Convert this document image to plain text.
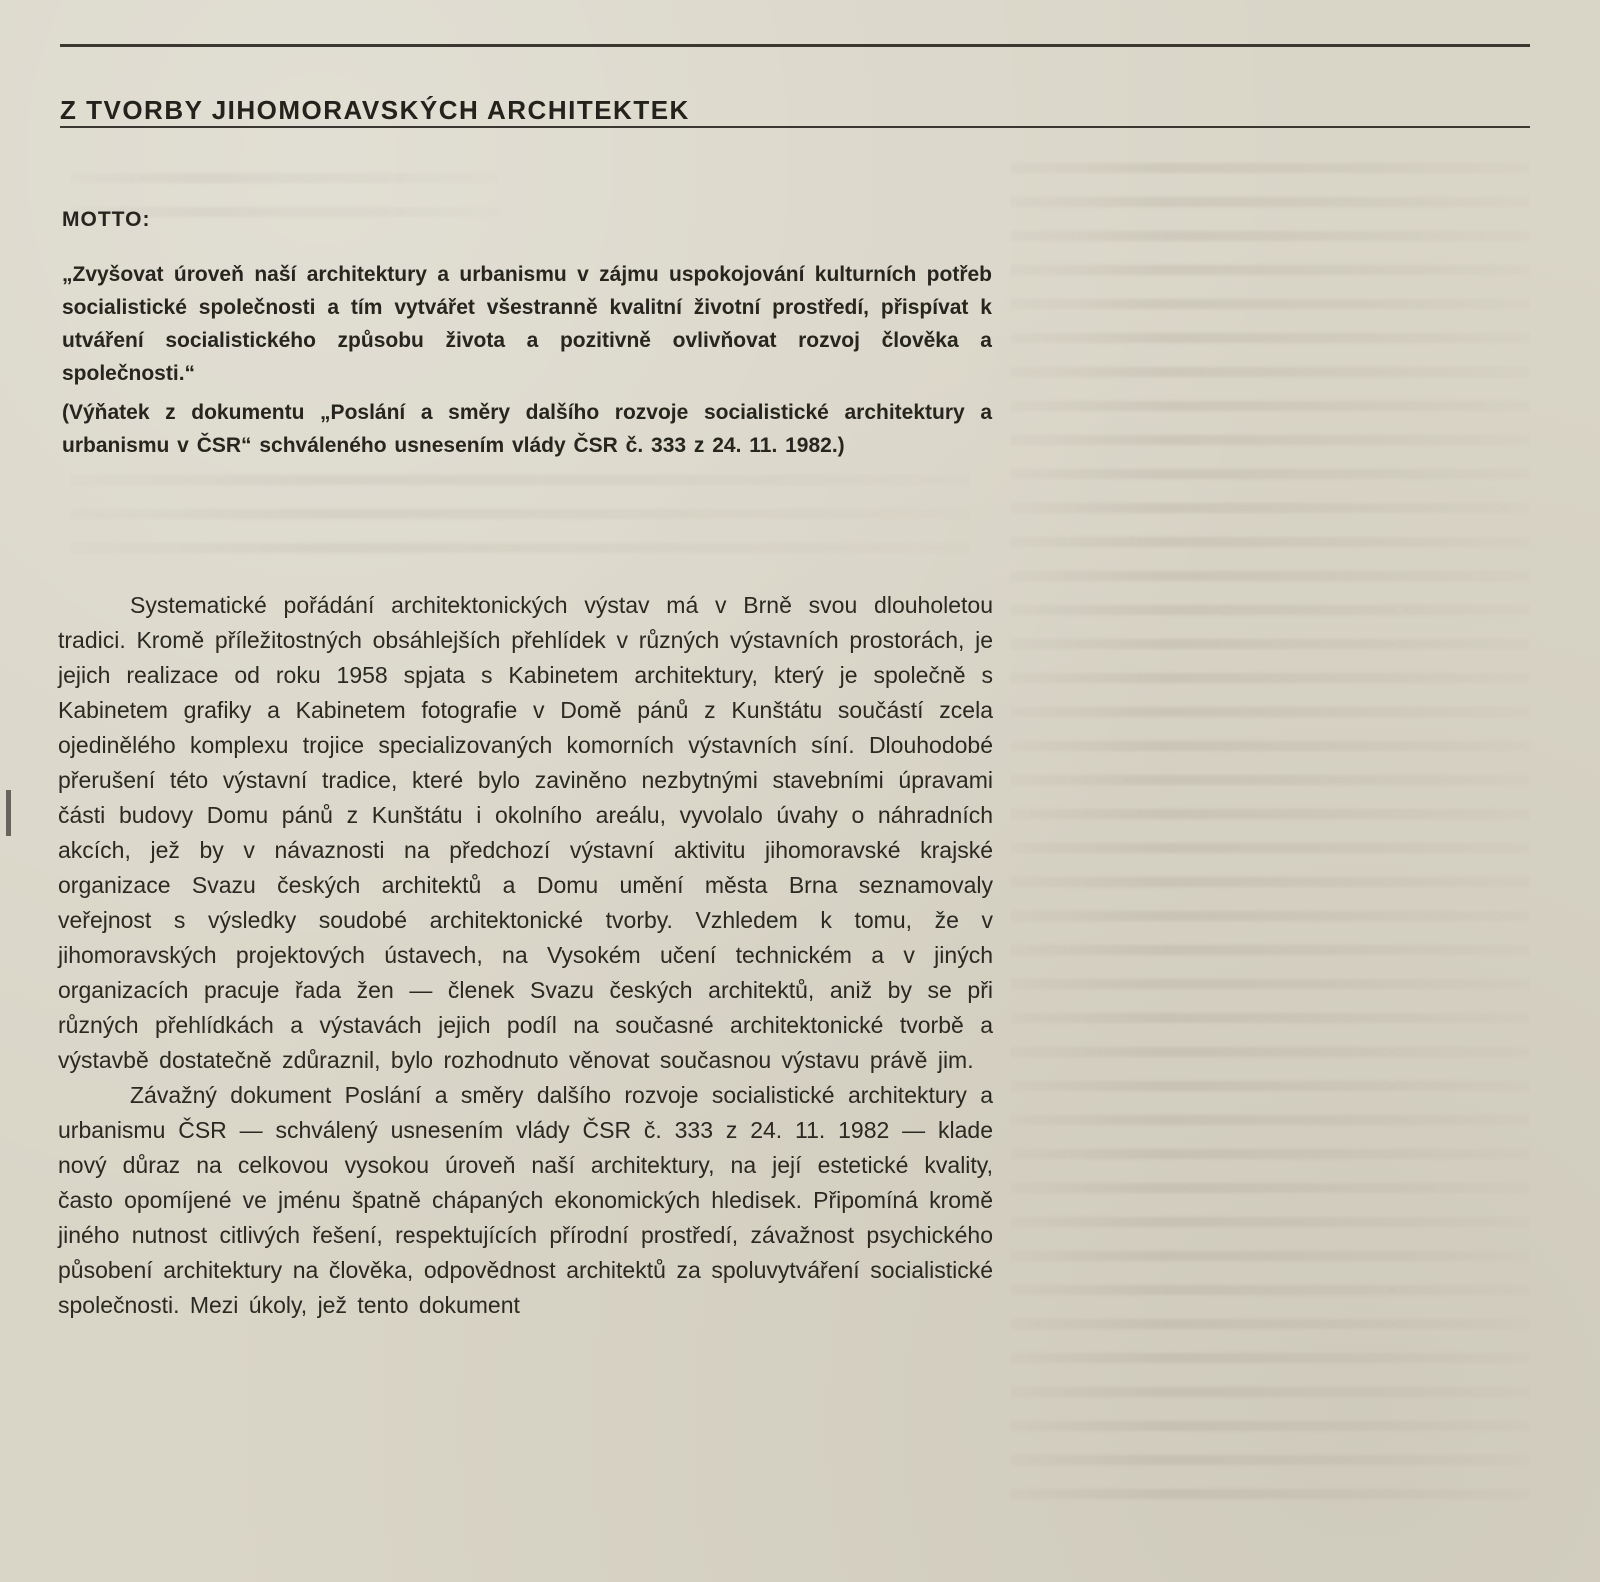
Z TVORBY JIHOMORAVSKÝCH ARCHITEKTEK
MOTTO:
„Zvyšovat úroveň naší architektury a urbanismu v zájmu uspokojování kulturních potřeb socialistické společnosti a tím vytvářet všestranně kvalitní životní prostředí, přispívat k utváření socialistického způsobu života a pozitivně ovlivňovat rozvoj člověka a společnosti.“
(Výňatek z dokumentu „Poslání a směry dalšího rozvoje socialistické architektury a urbanismu v ČSR“ schváleného usnesením vlády ČSR č. 333 z 24. 11. 1982.)

Systematické pořádání architektonických výstav má v Brně svou dlouholetou tradici. Kromě příležitostných obsáhlejších přehlídek v různých výstavních prostorách, je jejich realizace od roku 1958 spjata s Kabinetem architektury, který je společně s Kabinetem grafiky a Kabinetem fotografie v Domě pánů z Kunštátu součástí zcela ojedinělého komplexu trojice specializovaných komorních výstavních síní. Dlouhodobé přerušení této výstavní tradice, které bylo zaviněno nezbytnými stavebními úpravami části budovy Domu pánů z Kunštátu i okolního areálu, vyvolalo úvahy o náhradních akcích, jež by v návaznosti na předchozí výstavní aktivitu jihomoravské krajské organizace Svazu českých architektů a Domu umění města Brna seznamovaly veřejnost s výsledky soudobé architektonické tvorby. Vzhledem k tomu, že v jihomoravských projektových ústavech, na Vysokém učení technickém a v jiných organizacích pracuje řada žen — členek Svazu českých architektů, aniž by se při různých přehlídkách a výstavách jejich podíl na současné architektonické tvorbě a výstavbě dostatečně zdůraznil, bylo rozhodnuto věnovat současnou výstavu právě jim.

Závažný dokument Poslání a směry dalšího rozvoje socialistické architektury a urbanismu ČSR — schválený usnesením vlády ČSR č. 333 z 24. 11. 1982 — klade nový důraz na celkovou vysokou úroveň naší architektury, na její estetické kvality, často opomíjené ve jménu špatně chápaných ekonomických hledisek. Připomíná kromě jiného nutnost citlivých řešení, respektujících přírodní prostředí, závažnost psychického působení architektury na člověka, odpovědnost architektů za spoluvytváření socialistické společnosti. Mezi úkoly, jež tento dokument
